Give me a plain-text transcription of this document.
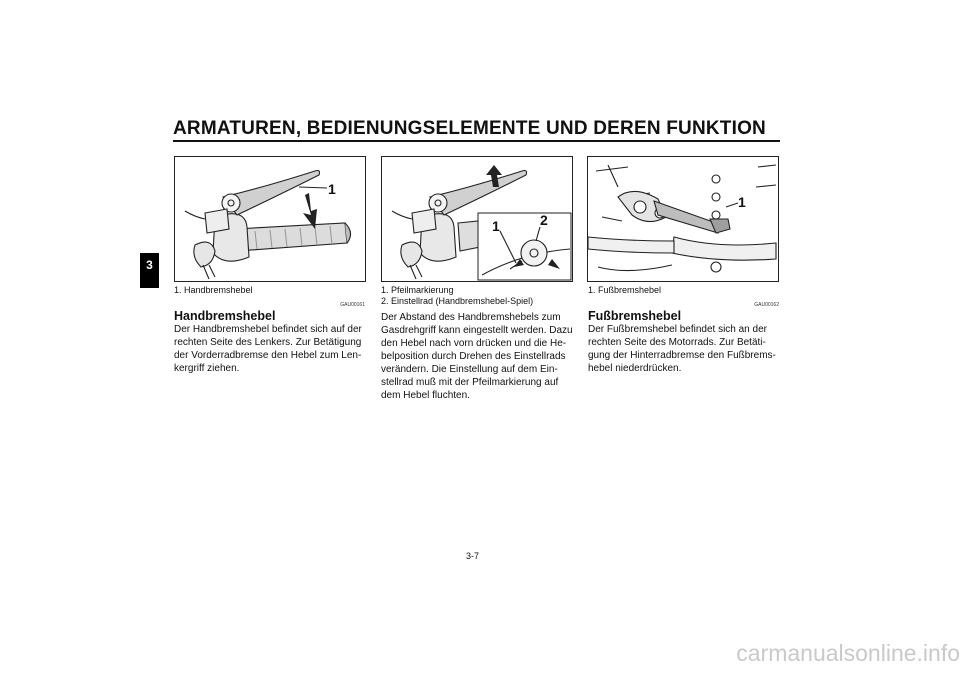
ARMATUREN, BEDIENUNGSELEMENTE UND DEREN FUNKTION
3
1
1. Handbremshebel
GAU00161
Handbremshebel
Der Handbremshebel befindet sich auf der
rechten Seite des Lenkers. Zur Betätigung
der Vorderradbremse den Hebel zum Len-
kergriff ziehen.
1	2
1. Pfeilmarkierung
2. Einstellrad (Handbremshebel-Spiel)
Der Abstand des Handbremshebels zum
Gasdrehgriff kann eingestellt werden. Dazu
den Hebel nach vorn drücken und die He-
belposition durch Drehen des Einstellrads
verändern. Die Einstellung auf dem Ein-
stellrad muß mit der Pfeilmarkierung auf
dem Hebel fluchten.
1
1. Fußbremshebel
GAU00162
Fußbremshebel
Der Fußbremshebel befindet sich an der
rechten Seite des Motorrads. Zur Betäti-
gung der Hinterradbremse den Fußbrems-
hebel niederdrücken.
3-7
carmanualsonline.info
